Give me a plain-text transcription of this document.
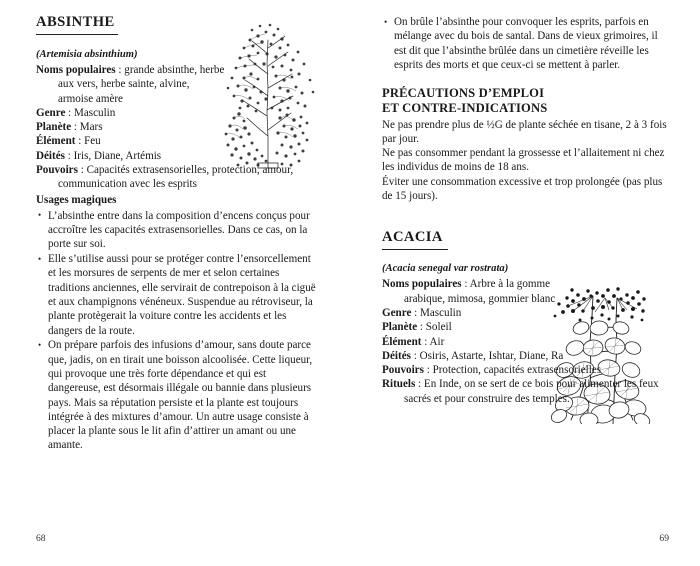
ABSINTHE

(Artemisia absinthium)

Noms populaires : grande absinthe, herbe aux vers, herbe sainte, alvine, armoise amère

Genre : Masculin

Planète : Mars

Élément : Feu

Déités : Iris, Diane, Artémis

Pouvoirs : Capacités extrasensorielles, protection, amour, communication avec les esprits

Usages magiques

• L’absinthe entre dans la composition d’encens conçus pour accroître les capacités extrasensorielles. Dans ce cas, on la porte sur soi.
• Elle s’utilise aussi pour se protéger contre l’ensorcellement et les morsures de serpents de mer et selon certaines traditions anciennes, elle servirait de contrepoison à la ciguë et aux champignons vénéneux. Suspendue au rétroviseur, la plante protègerait la voiture contre les accidents et les dangers de la route.
• On prépare parfois des infusions d’amour, sans doute parce que, jadis, on en tirait une boisson alcoolisée. Cette liqueur, qui provoque une très forte dépendance et qui est dangereuse, est désormais illégale ou bannie dans plusieurs pays. Mais sa réputation persiste et la plante est toujours intégrée à des mixtures d’amour. Un autre usage consiste à placer la plante sous le lit afin d’attirer un amant ou une amante.
68
• On brûle l’absinthe pour convoquer les esprits, parfois en mélange avec du bois de santal. Dans de vieux grimoires, il est dit que l’absinthe brûlée dans un cimetière réveille les esprits des morts et que ceux-ci se mettent à parler.
PRÉCAUTIONS D’EMPLOI
ET CONTRE-INDICATIONS

Ne pas prendre plus de ½G de plante séchée en tisane, 2 à 3 fois par jour.

Ne pas consommer pendant la grossesse et l’allaitement ni chez les individus de moins de 18 ans.

Éviter une consommation excessive et trop prolongée (pas plus de 15 jours).

ACACIA

(Acacia senegal var rostrata)

Noms populaires : Arbre à la gomme arabique, mimosa, gommier blanc

Genre : Masculin

Planète : Soleil

Élément : Air

Déités : Osiris, Astarte, Ishtar, Diane, Ra

Pouvoirs : Protection, capacités extrasensorielles

Rituels : En Inde, on se sert de ce bois pour alimenter les feux sacrés et pour construire des temples.

69
